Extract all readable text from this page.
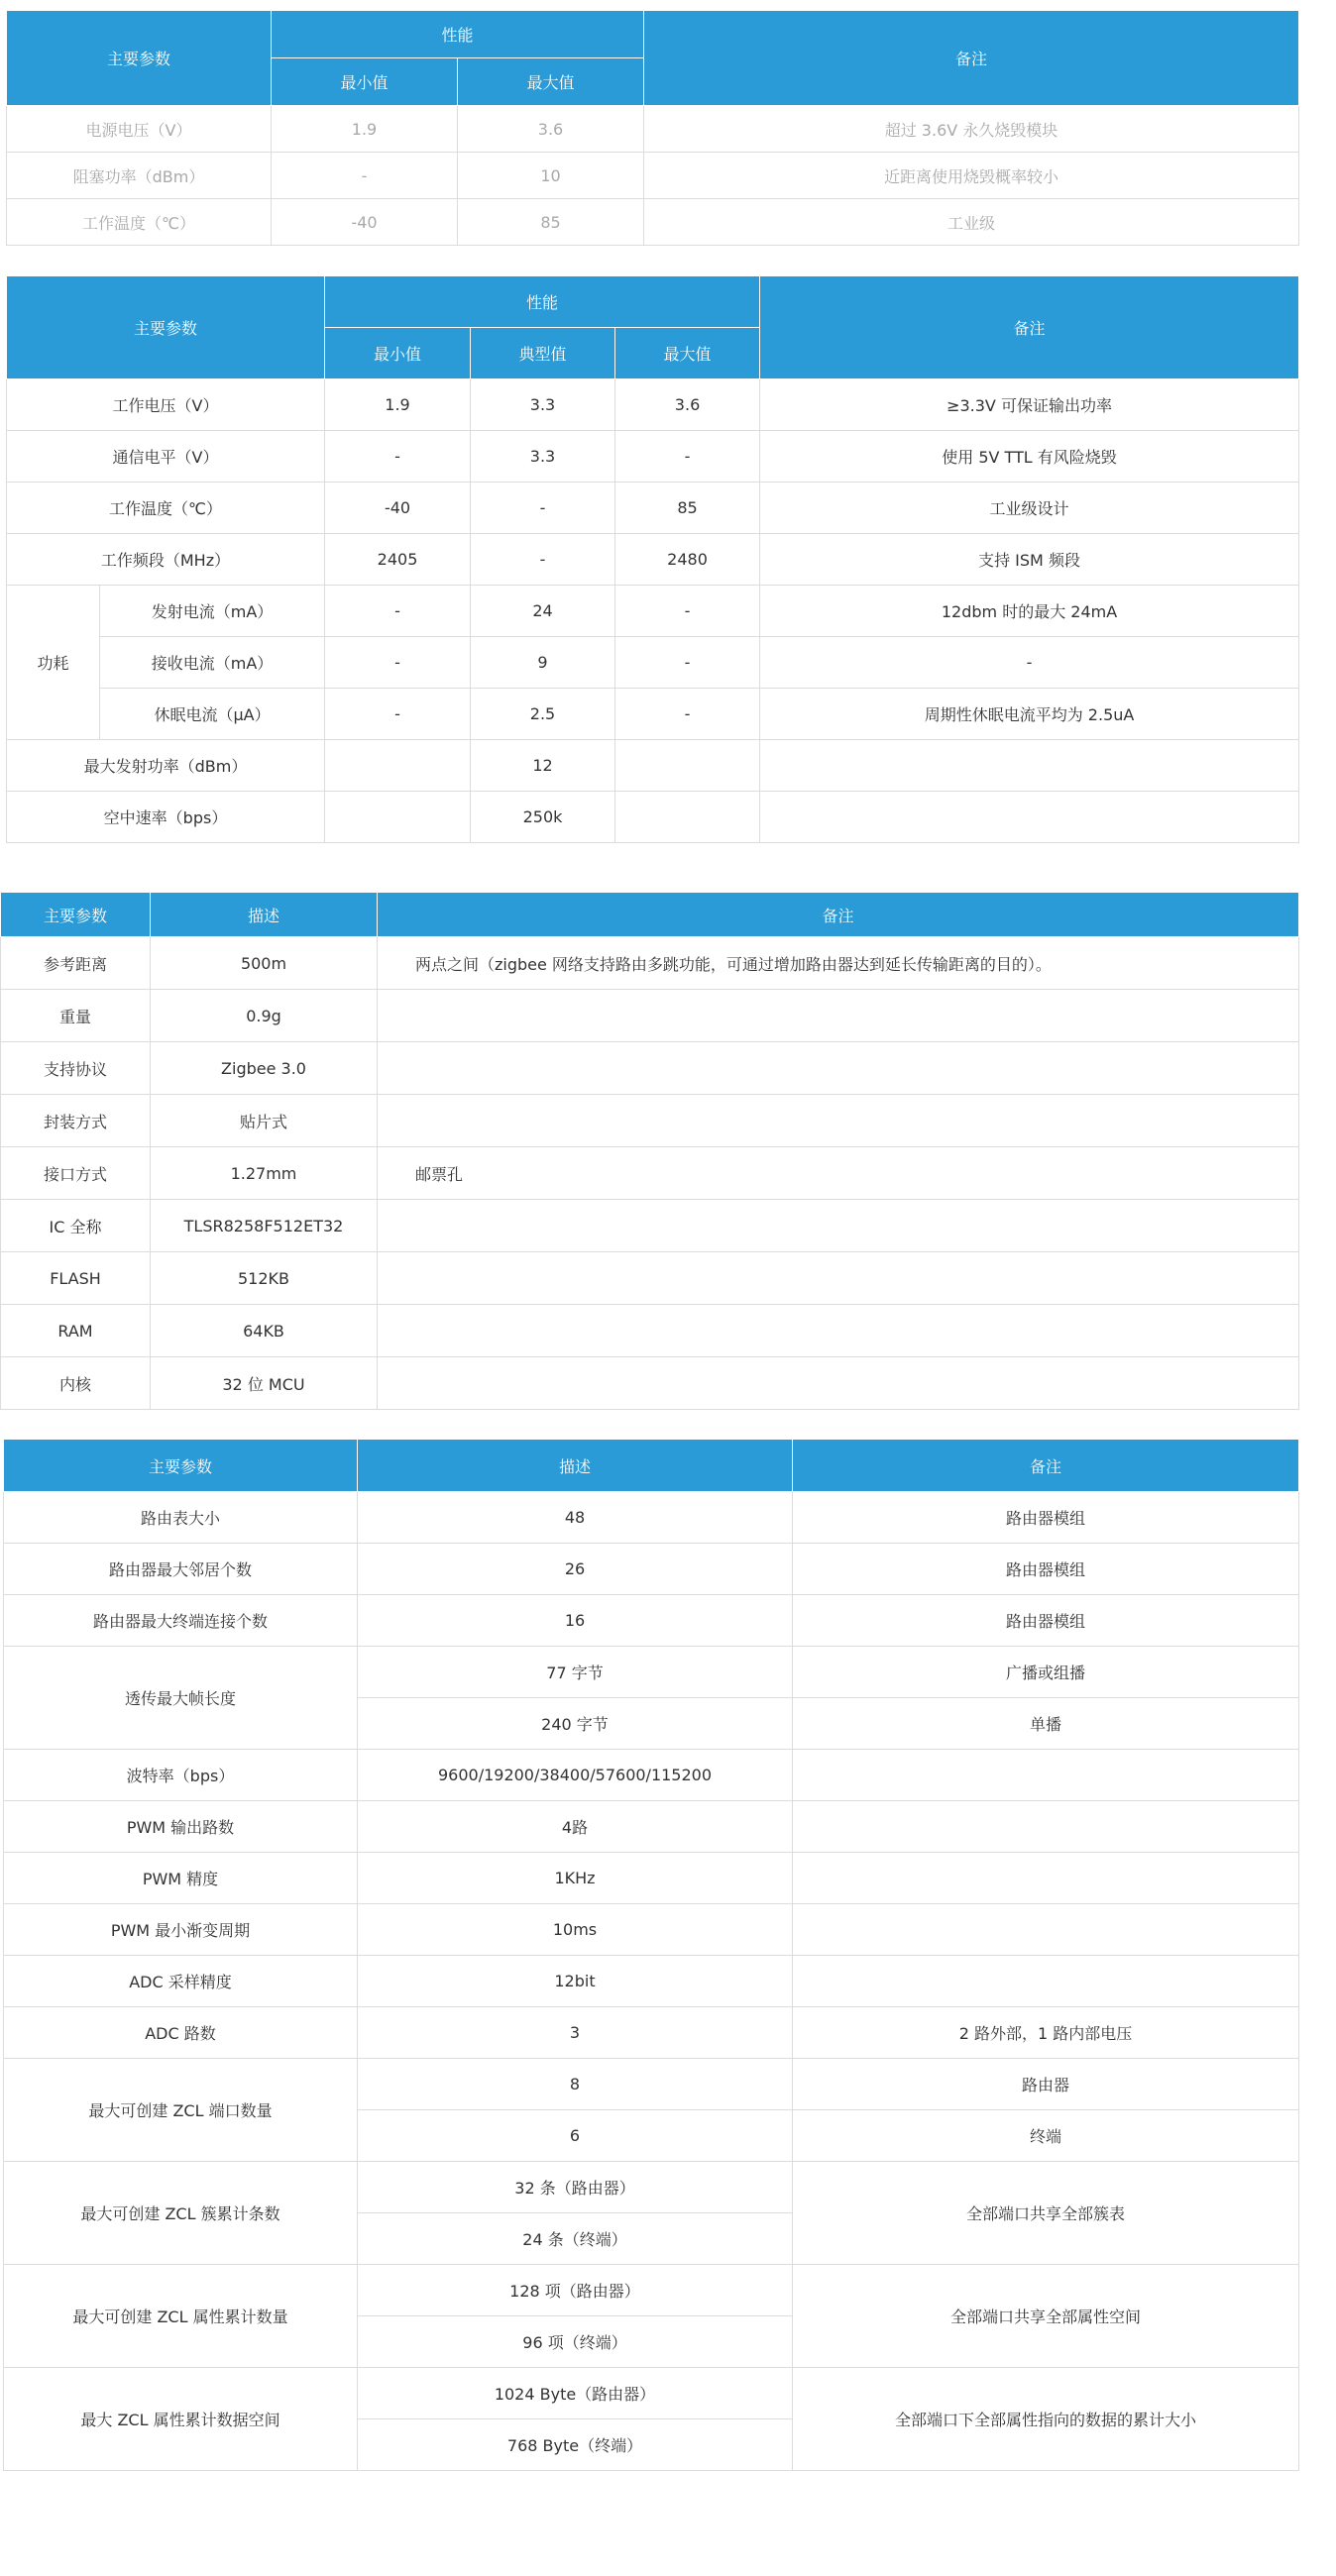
主要参数	性能		备注
	最小值	最大值	
电源电压（V）	1.9	3.6	超过 3.6V 永久烧毁模块
阻塞功率（dBm）	-	10	近距离使用烧毁概率较小
工作温度（℃）	-40	85	工业级
主要参数		性能			备注
		最小值	典型值	最大值	
工作电压（V）		1.9	3.3	3.6	≥3.3V 可保证输出功率
通信电平（V）		-	3.3	-	使用 5V TTL 有风险烧毁
工作温度（℃）		-40	-	85	工业级设计
工作频段（MHz）		2405	-	2480	支持 ISM 频段
功耗	发射电流（mA）	-	24	-	12dbm 时的最大 24mA
	接收电流（mA）	-	9	-	-
	休眠电流（μA）	-	2.5	-	周期性休眠电流平均为 2.5uA
最大发射功率（dBm）			12		
空中速率（bps）			250k		
主要参数	描述	备注
参考距离	500m	两点之间（zigbee 网络支持路由多跳功能，可通过增加路由器达到延长传输距离的目的）。
重量	0.9g	
支持协议	Zigbee 3.0	
封装方式	贴片式	
接口方式	1.27mm	邮票孔
IC 全称	TLSR8258F512ET32	
FLASH	512KB	
RAM	64KB	
内核	32 位 MCU	
主要参数	描述	备注
路由表大小	48	路由器模组
路由器最大邻居个数	26	路由器模组
路由器最大终端连接个数	16	路由器模组
透传最大帧长度	77 字节	广播或组播
	240 字节	单播
波特率（bps）	9600/19200/38400/57600/115200	
PWM 输出路数	4路	
PWM 精度	1KHz	
PWM 最小渐变周期	10ms	
ADC 采样精度	12bit	
ADC 路数	3	2 路外部，1 路内部电压
最大可创建 ZCL 端口数量	8	路由器
	6	终端
最大可创建 ZCL 簇累计条数	32 条（路由器）	全部端口共享全部簇表
	24 条（终端）	
最大可创建 ZCL 属性累计数量	128 项（路由器）	全部端口共享全部属性空间
	96 项（终端）	
最大 ZCL 属性累计数据空间	1024 Byte（路由器）	全部端口下全部属性指向的数据的累计大小
	768 Byte（终端）	
